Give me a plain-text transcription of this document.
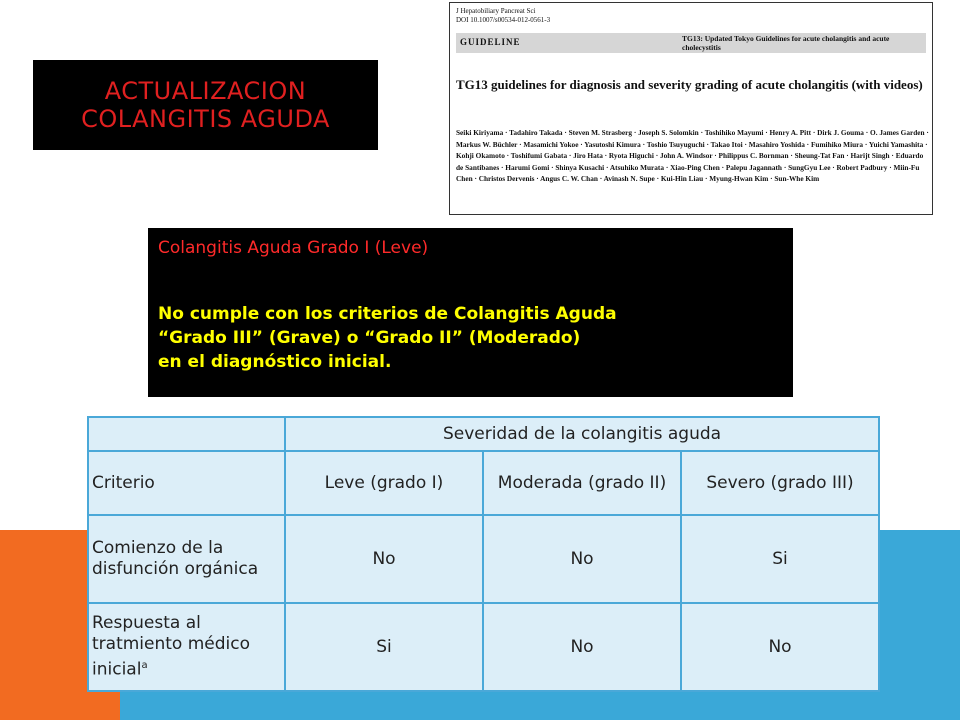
ACTUALIZACION
COLANGITIS AGUDA
J Hepatobiliary Pancreat Sci
DOI 10.1007/s00534-012-0561-3
GUIDELINE	TG13: Updated Tokyo Guidelines for acute cholangitis and acute cholecystitis
TG13 guidelines for diagnosis and severity grading of acute cholangitis (with videos)
Seiki Kiriyama · Tadahiro Takada · Steven M. Strasberg · Joseph S. Solomkin · Toshihiko Mayumi · Henry A. Pitt · Dirk J. Gouma · O. James Garden · Markus W. Büchler · Masamichi Yokoe · Yasutoshi Kimura · Toshio Tsuyuguchi · Takao Itoi · Masahiro Yoshida · Fumihiko Miura · Yuichi Yamashita · Kohji Okamoto · Toshifumi Gabata · Jiro Hata · Ryota Higuchi · John A. Windsor · Philippus C. Bornman · Sheung-Tat Fan · Harijt Singh · Eduardo de Santibanes · Harumi Gomi · Shinya Kusachi · Atsuhiko Murata · Xiao-Ping Chen · Palepu Jagannath · SungGyu Lee · Robert Padbury · Miin-Fu Chen · Christos Dervenis · Angus C. W. Chan · Avinash N. Supe · Kui-Hin Liau · Myung-Hwan Kim · Sun-Whe Kim
Colangitis Aguda Grado I (Leve)
No cumple con los criterios de Colangitis Aguda
“Grado III” (Grave) o “Grado II” (Moderado)
en el diagnóstico inicial.
	Severidad de la colangitis aguda		
Criterio	Leve (grado I)	Moderada (grado II)	Severo (grado III)
Comienzo de la disfunción orgánica	No	No	Si
Respuesta al tratmiento médico inicial$^a$	Si	No	No
